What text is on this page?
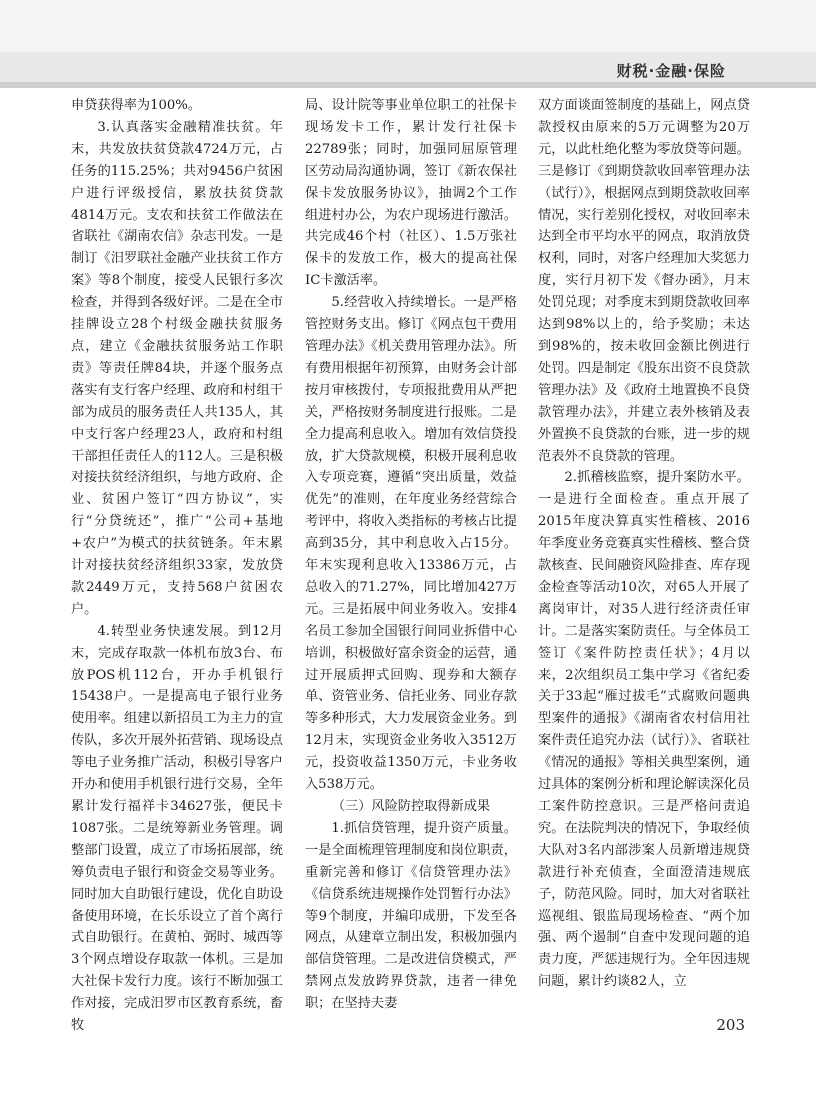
财税·金融·保险

申贷获得率为100%。

3.认真落实金融精准扶贫。年末，共发放扶贫贷款4724万元，占任务的115.25%；共对9456户贫困户进行评级授信，累放扶贫贷款4814万元。支农和扶贫工作做法在省联社《湖南农信》杂志刊发。一是制订《汨罗联社金融产业扶贫工作方案》等8个制度，接受人民银行多次检查，并得到各级好评。二是在全市挂牌设立28个村级金融扶贫服务点，建立《金融扶贫服务站工作职责》等责任牌84块，并逐个服务点落实有支行客户经理、政府和村组干部为成员的服务责任人共135人，其中支行客户经理23人，政府和村组干部担任责任人的112人。三是积极对接扶贫经济组织，与地方政府、企业、贫困户签订“四方协议”，实行“分贷统还”，推广“公司+基地+农户”为模式的扶贫链条。年末累计对接扶贫经济组织33家，发放贷款2449万元，支持568户贫困农户。

4.转型业务快速发展。到12月末，完成存取款一体机布放3台、布放POS机112台，开办手机银行15438户。一是提高电子银行业务使用率。组建以新招员工为主力的宣传队，多次开展外拓营销、现场设点等电子业务推广活动，积极引导客户开办和使用手机银行进行交易，全年累计发行福祥卡34627张，便民卡1087张。二是统筹新业务管理。调整部门设置，成立了市场拓展部，统筹负责电子银行和资金交易等业务。同时加大自助银行建设，优化自助设备使用环境，在长乐设立了首个离行式自助银行。在黄柏、弼时、城西等3个网点增设存取款一体机。三是加大社保卡发行力度。该行不断加强工作对接，完成汨罗市区教育系统，畜牧

局、设计院等事业单位职工的社保卡现场发卡工作，累计发行社保卡22789张；同时，加强同屈原管理区劳动局沟通协调，签订《新农保社保卡发放服务协议》，抽调2个工作组进村办公，为农户现场进行激活。共完成46个村（社区）、1.5万张社保卡的发放工作，极大的提高社保IC卡激活率。

5.经营收入持续增长。一是严格管控财务支出。修订《网点包干费用管理办法》《机关费用管理办法》。所有费用根据年初预算，由财务会计部按月审核拨付，专项报批费用从严把关，严格按财务制度进行报账。二是全力提高利息收入。增加有效信贷投放，扩大贷款规模，积极开展利息收入专项竞赛，遵循“突出质量，效益优先”的准则，在年度业务经营综合考评中，将收入类指标的考核占比提高到35分，其中利息收入占15分。年末实现利息收入13386万元，占总收入的71.27%，同比增加427万元。三是拓展中间业务收入。安排4名员工参加全国银行间同业拆借中心培训，积极做好富余资金的运营，通过开展质押式回购、现券和大额存单、资管业务、信托业务、同业存款等多种形式，大力发展资金业务。到12月末，实现资金业务收入3512万元，投资收益1350万元，卡业务收入538万元。

（三）风险防控取得新成果

1.抓信贷管理，提升资产质量。一是全面梳理管理制度和岗位职责，重新完善和修订《信贷管理办法》《信贷系统违规操作处罚暂行办法》等9个制度，并编印成册，下发至各网点，从建章立制出发，积极加强内部信贷管理。二是改进信贷模式，严禁网点发放跨界贷款，违者一律免职；在坚持夫妻

双方面谈面签制度的基础上，网点贷款授权由原来的5万元调整为20万元，以此杜绝化整为零放贷等问题。三是修订《到期贷款收回率管理办法（试行）》，根据网点到期贷款收回率情况，实行差别化授权，对收回率未达到全市平均水平的网点，取消放贷权利，同时，对客户经理加大奖惩力度，实行月初下发《督办函》，月末处罚兑现；对季度末到期贷款收回率达到98%以上的，给予奖励；未达到98%的，按未收回金额比例进行处罚。四是制定《股东出资不良贷款管理办法》及《政府土地置换不良贷款管理办法》，并建立表外核销及表外置换不良贷款的台账，进一步的规范表外不良贷款的管理。

2.抓稽核监察，提升案防水平。一是进行全面检查。重点开展了2015年度决算真实性稽核、2016年季度业务竞赛真实性稽核、整合贷款核查、民间融资风险排查、库存现金检查等活动10次，对65人开展了离岗审计，对35人进行经济责任审计。二是落实案防责任。与全体员工签订《案件防控责任状》；4月以来，2次组织员工集中学习《省纪委关于33起“雁过拔毛”式腐败问题典型案件的通报》《湖南省农村信用社案件责任追究办法（试行）》、省联社《情况的通报》等相关典型案例，通过具体的案例分析和理论解读深化员工案件防控意识。三是严格问责追究。在法院判决的情况下，争取经侦大队对3名内部涉案人员新增违规贷款进行补充侦查，全面澄清违规底子，防范风险。同时，加大对省联社巡视组、银监局现场检查、“两个加强、两个遏制”自查中发现问题的追责力度，严惩违规行为。全年因违规问题，累计约谈82人，立

203
